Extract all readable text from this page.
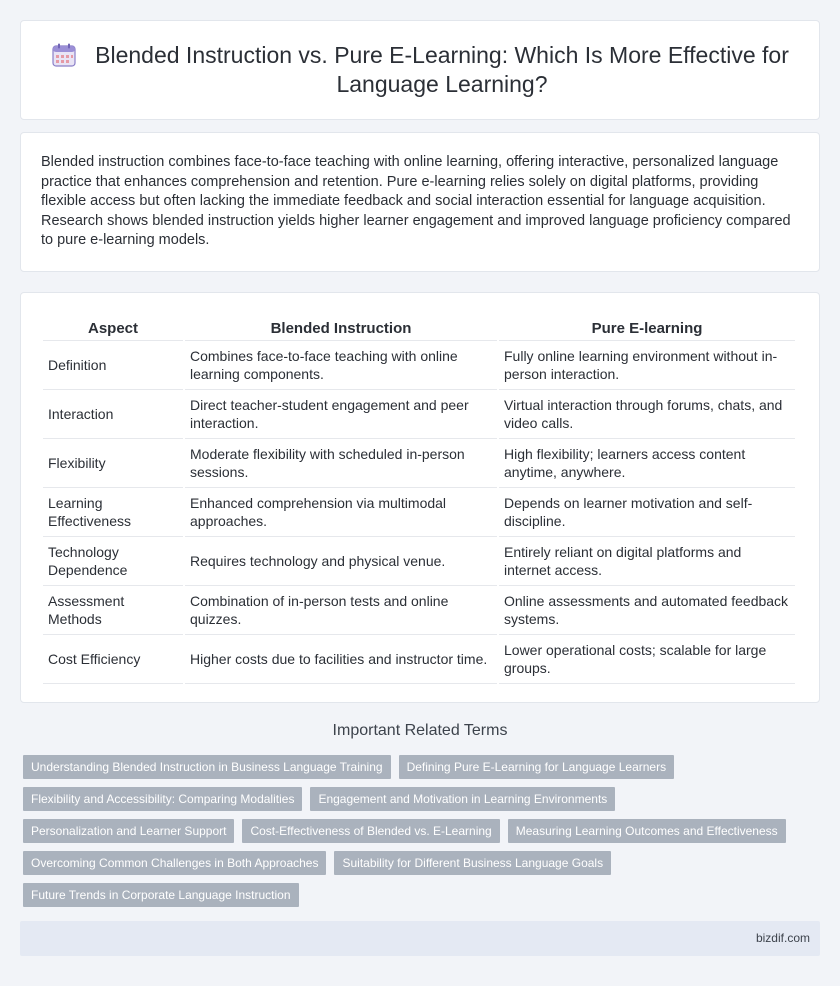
Blended Instruction vs. Pure E-Learning: Which Is More Effective for Language Learning?

Blended instruction combines face-to-face teaching with online learning, offering interactive, personalized language practice that enhances comprehension and retention. Pure e-learning relies solely on digital platforms, providing flexible access but often lacking the immediate feedback and social interaction essential for language acquisition. Research shows blended instruction yields higher learner engagement and improved language proficiency compared to pure e-learning models.

Aspect	Blended Instruction	Pure E-learning
Definition	Combines face-to-face teaching with online learning components.	Fully online learning environment without in-person interaction.
Interaction	Direct teacher-student engagement and peer interaction.	Virtual interaction through forums, chats, and video calls.
Flexibility	Moderate flexibility with scheduled in-person sessions.	High flexibility; learners access content anytime, anywhere.
Learning Effectiveness	Enhanced comprehension via multimodal approaches.	Depends on learner motivation and self-discipline.
Technology Dependence	Requires technology and physical venue.	Entirely reliant on digital platforms and internet access.
Assessment Methods	Combination of in-person tests and online quizzes.	Online assessments and automated feedback systems.
Cost Efficiency	Higher costs due to facilities and instructor time.	Lower operational costs; scalable for large groups.
Important Related Terms
Understanding Blended Instruction in Business Language Training	Defining Pure E-Learning for Language Learners
Flexibility and Accessibility: Comparing Modalities	Engagement and Motivation in Learning Environments
Personalization and Learner Support	Cost-Effectiveness of Blended vs. E-Learning	Measuring Learning Outcomes and Effectiveness
Overcoming Common Challenges in Both Approaches	Suitability for Different Business Language Goals
Future Trends in Corporate Language Instruction
bizdif.com
